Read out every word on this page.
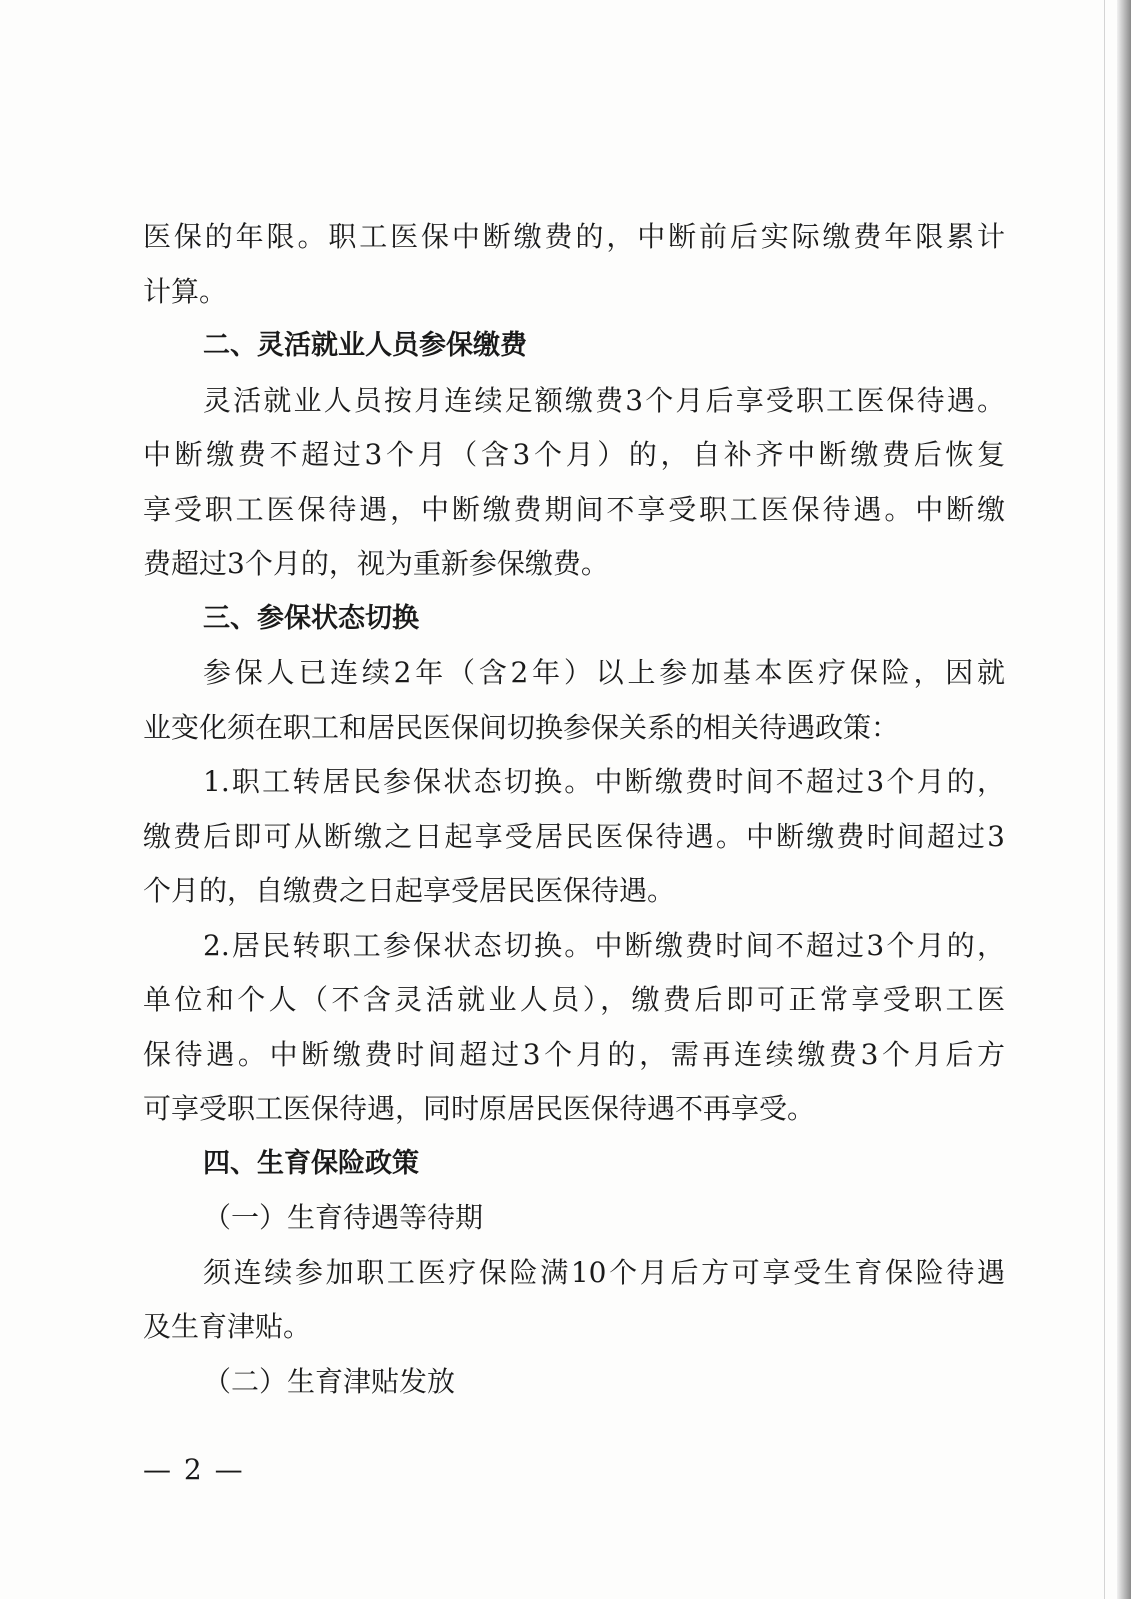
医保的年限。职工医保中断缴费的，中断前后实际缴费年限累计
计算。
二、灵活就业人员参保缴费
灵活就业人员按月连续足额缴费3个月后享受职工医保待遇。
中断缴费不超过3个月（含3个月）的，自补齐中断缴费后恢复
享受职工医保待遇，中断缴费期间不享受职工医保待遇。中断缴
费超过3个月的，视为重新参保缴费。
三、参保状态切换
参保人已连续2年（含2年）以上参加基本医疗保险，因就
业变化须在职工和居民医保间切换参保关系的相关待遇政策：
1.职工转居民参保状态切换。中断缴费时间不超过3个月的，
缴费后即可从断缴之日起享受居民医保待遇。中断缴费时间超过3
个月的，自缴费之日起享受居民医保待遇。
2.居民转职工参保状态切换。中断缴费时间不超过3个月的，
单位和个人（不含灵活就业人员），缴费后即可正常享受职工医
保待遇。中断缴费时间超过3个月的，需再连续缴费3个月后方
可享受职工医保待遇，同时原居民医保待遇不再享受。
四、生育保险政策
（一）生育待遇等待期
须连续参加职工医疗保险满10个月后方可享受生育保险待遇
及生育津贴。
（二）生育津贴发放
— 2 —
